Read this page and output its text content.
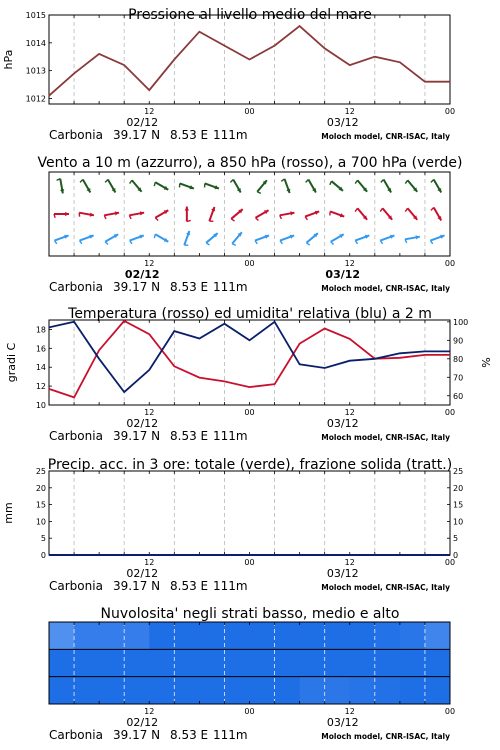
Pressione al livello medio del mare
12	00	12	00
02/12	03/12
Carbonia 39.17 N 8.53 E 111m	Moloch model, CNR-ISAC, Italy
1012
1013
1014
1015
hPa
Vento a 10 m (azzurro), a 850 hPa (rosso), a 700 hPa (verde)
12	00	12	00
02/12	03/12
Carbonia 39.17 N 8.53 E 111m	Moloch model, CNR-ISAC, Italy
Temperatura (rosso) ed umidita' relativa (blu) a 2 m
12	00	12	00
02/12	03/12
Carbonia 39.17 N 8.53 E 111m	Moloch model, CNR-ISAC, Italy
10
12
14
16
18
gradi C
60
70
80
90
100
%
Precip. acc. in 3 ore: totale (verde), frazione solida (tratt.)
12	00	12	00
02/12	03/12
Carbonia 39.17 N 8.53 E 111m	Moloch model, CNR-ISAC, Italy
0
5
10
15
20
25
mm
0
5
10
15
20
25
Nuvolosita' negli strati basso, medio e alto
12	00	12	00
02/12	03/12
Carbonia 39.17 N 8.53 E 111m	Moloch model, CNR-ISAC, Italy
